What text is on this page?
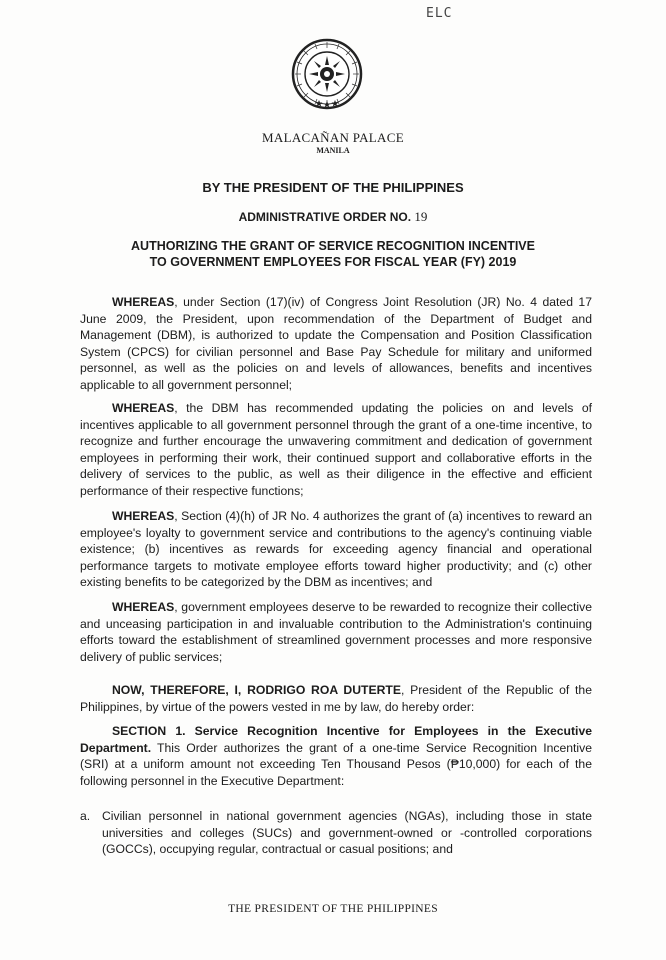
ELC
MALACAÑAN PALACE
MANILA
BY THE PRESIDENT OF THE PHILIPPINES
ADMINISTRATIVE ORDER NO. 19
AUTHORIZING THE GRANT OF SERVICE RECOGNITION INCENTIVE
TO GOVERNMENT EMPLOYEES FOR FISCAL YEAR (FY) 2019
WHEREAS, under Section (17)(iv) of Congress Joint Resolution (JR) No. 4 dated 17 June 2009, the President, upon recommendation of the Department of Budget and Management (DBM), is authorized to update the Compensation and Position Classification System (CPCS) for civilian personnel and Base Pay Schedule for military and uniformed personnel, as well as the policies on and levels of allowances, benefits and incentives applicable to all government personnel;
WHEREAS, the DBM has recommended updating the policies on and levels of incentives applicable to all government personnel through the grant of a one-time incentive, to recognize and further encourage the unwavering commitment and dedication of government employees in performing their work, their continued support and collaborative efforts in the delivery of services to the public, as well as their diligence in the effective and efficient performance of their respective functions;
WHEREAS, Section (4)(h) of JR No. 4 authorizes the grant of (a) incentives to reward an employee's loyalty to government service and contributions to the agency's continuing viable existence; (b) incentives as rewards for exceeding agency financial and operational performance targets to motivate employee efforts toward higher productivity; and (c) other existing benefits to be categorized by the DBM as incentives; and
WHEREAS, government employees deserve to be rewarded to recognize their collective and unceasing participation in and invaluable contribution to the Administration's continuing efforts toward the establishment of streamlined government processes and more responsive delivery of public services;
NOW, THEREFORE, I, RODRIGO ROA DUTERTE, President of the Republic of the Philippines, by virtue of the powers vested in me by law, do hereby order:
SECTION 1. Service Recognition Incentive for Employees in the Executive Department. This Order authorizes the grant of a one-time Service Recognition Incentive (SRI) at a uniform amount not exceeding Ten Thousand Pesos (₱10,000) for each of the following personnel in the Executive Department:
a. Civilian personnel in national government agencies (NGAs), including those in state universities and colleges (SUCs) and government-owned or -controlled corporations (GOCCs), occupying regular, contractual or casual positions; and
THE PRESIDENT OF THE PHILIPPINES
